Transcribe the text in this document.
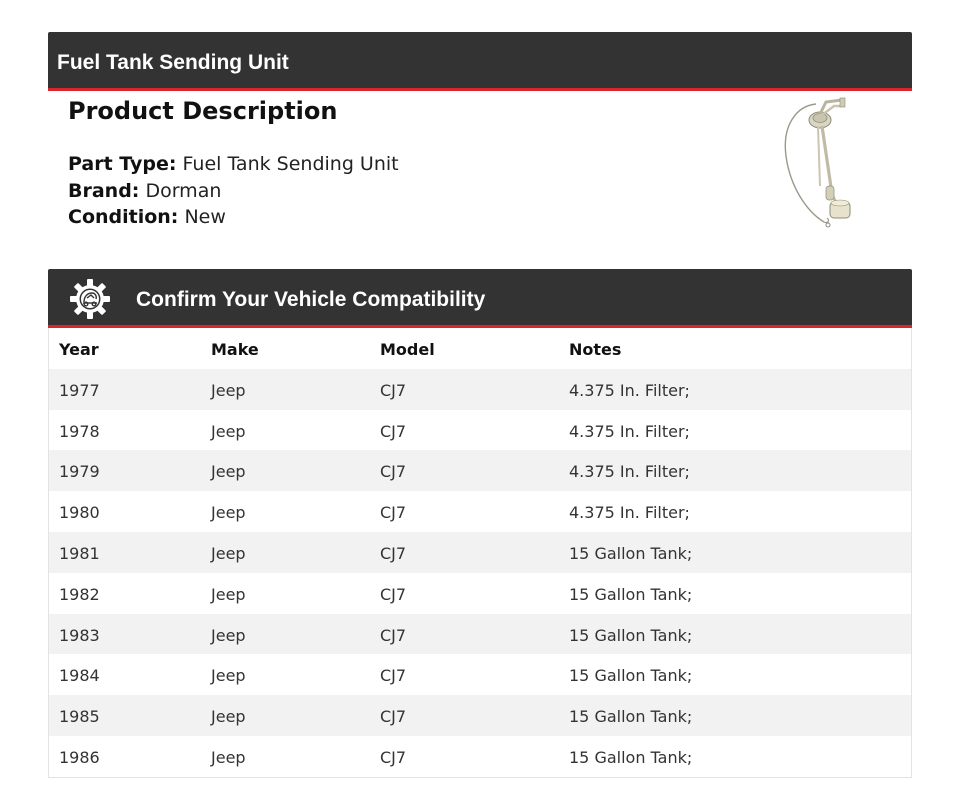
Fuel Tank Sending Unit
Product Description
Part Type: Fuel Tank Sending Unit
Brand: Dorman
Condition: New
Confirm Your Vehicle Compatibility
Year	Make	Model	Notes
1977	Jeep	CJ7	4.375 In. Filter;
1978	Jeep	CJ7	4.375 In. Filter;
1979	Jeep	CJ7	4.375 In. Filter;
1980	Jeep	CJ7	4.375 In. Filter;
1981	Jeep	CJ7	15 Gallon Tank;
1982	Jeep	CJ7	15 Gallon Tank;
1983	Jeep	CJ7	15 Gallon Tank;
1984	Jeep	CJ7	15 Gallon Tank;
1985	Jeep	CJ7	15 Gallon Tank;
1986	Jeep	CJ7	15 Gallon Tank;
